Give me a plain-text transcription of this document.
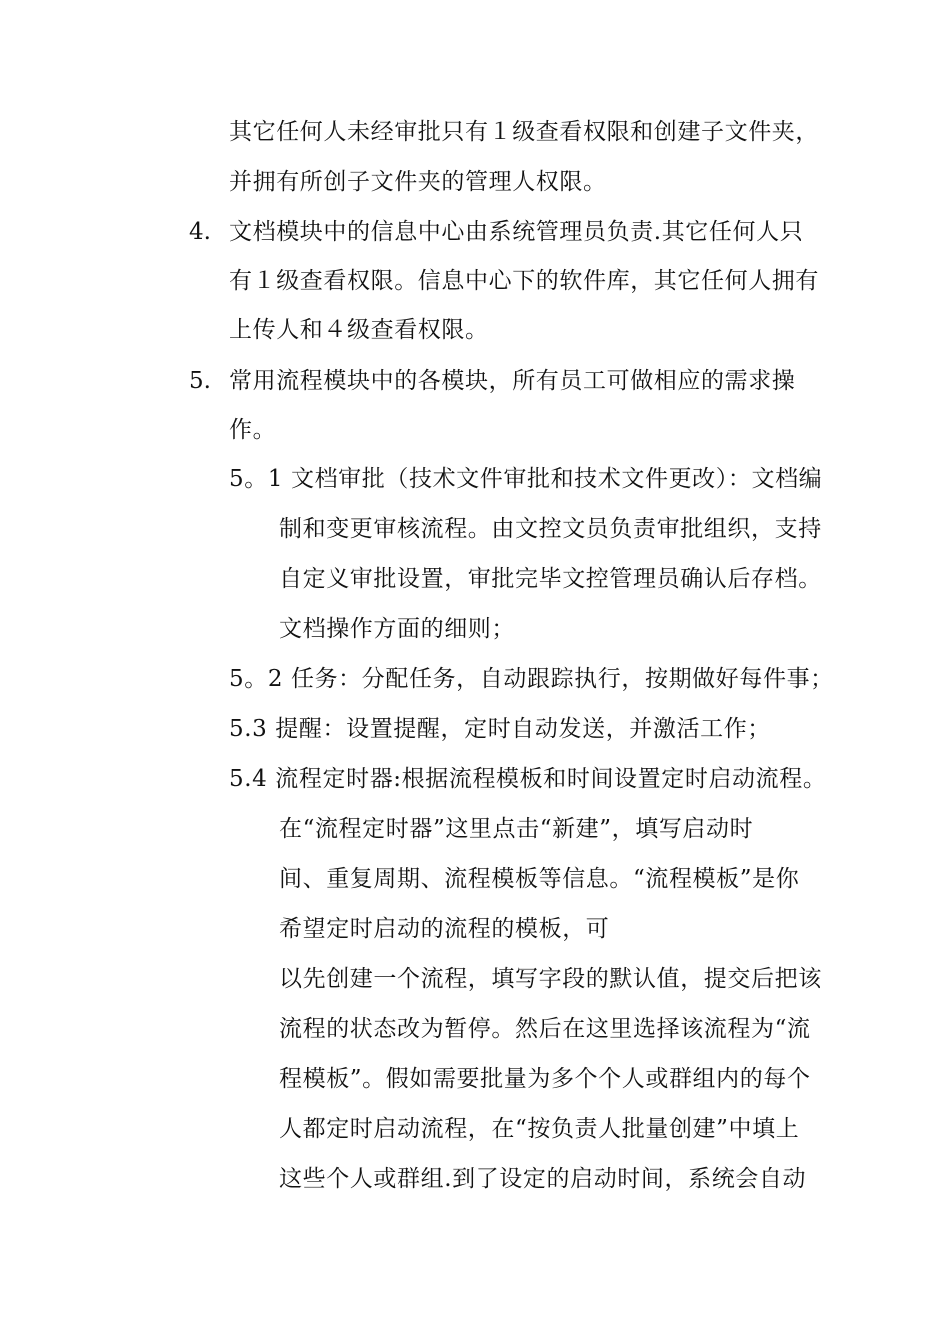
其它任何人未经审批只有１级查看权限和创建子文件夹，
并拥有所创子文件夹的管理人权限。
4. 文档模块中的信息中心由系统管理员负责.其它任何人只
有１级查看权限。信息中心下的软件库，其它任何人拥有
上传人和４级查看权限。
5. 常用流程模块中的各模块，所有员工可做相应的需求操
作。
5。1 文档审批（技术文件审批和技术文件更改）：文档编
制和变更审核流程。由文控文员负责审批组织，支持
自定义审批设置，审批完毕文控管理员确认后存档。
文档操作方面的细则；
5。2 任务：分配任务，自动跟踪执行，按期做好每件事；
5.3 提醒：设置提醒，定时自动发送，并激活工作；
5.4 流程定时器:根据流程模板和时间设置定时启动流程。
在“流程定时器”这里点击“新建”，填写启动时
间、重复周期、流程模板等信息。“流程模板”是你
希望定时启动的流程的模板，可
以先创建一个流程，填写字段的默认值，提交后把该
流程的状态改为暂停。然后在这里选择该流程为“流
程模板”。假如需要批量为多个个人或群组内的每个
人都定时启动流程，在“按负责人批量创建”中填上
这些个人或群组.到了设定的启动时间，系统会自动
